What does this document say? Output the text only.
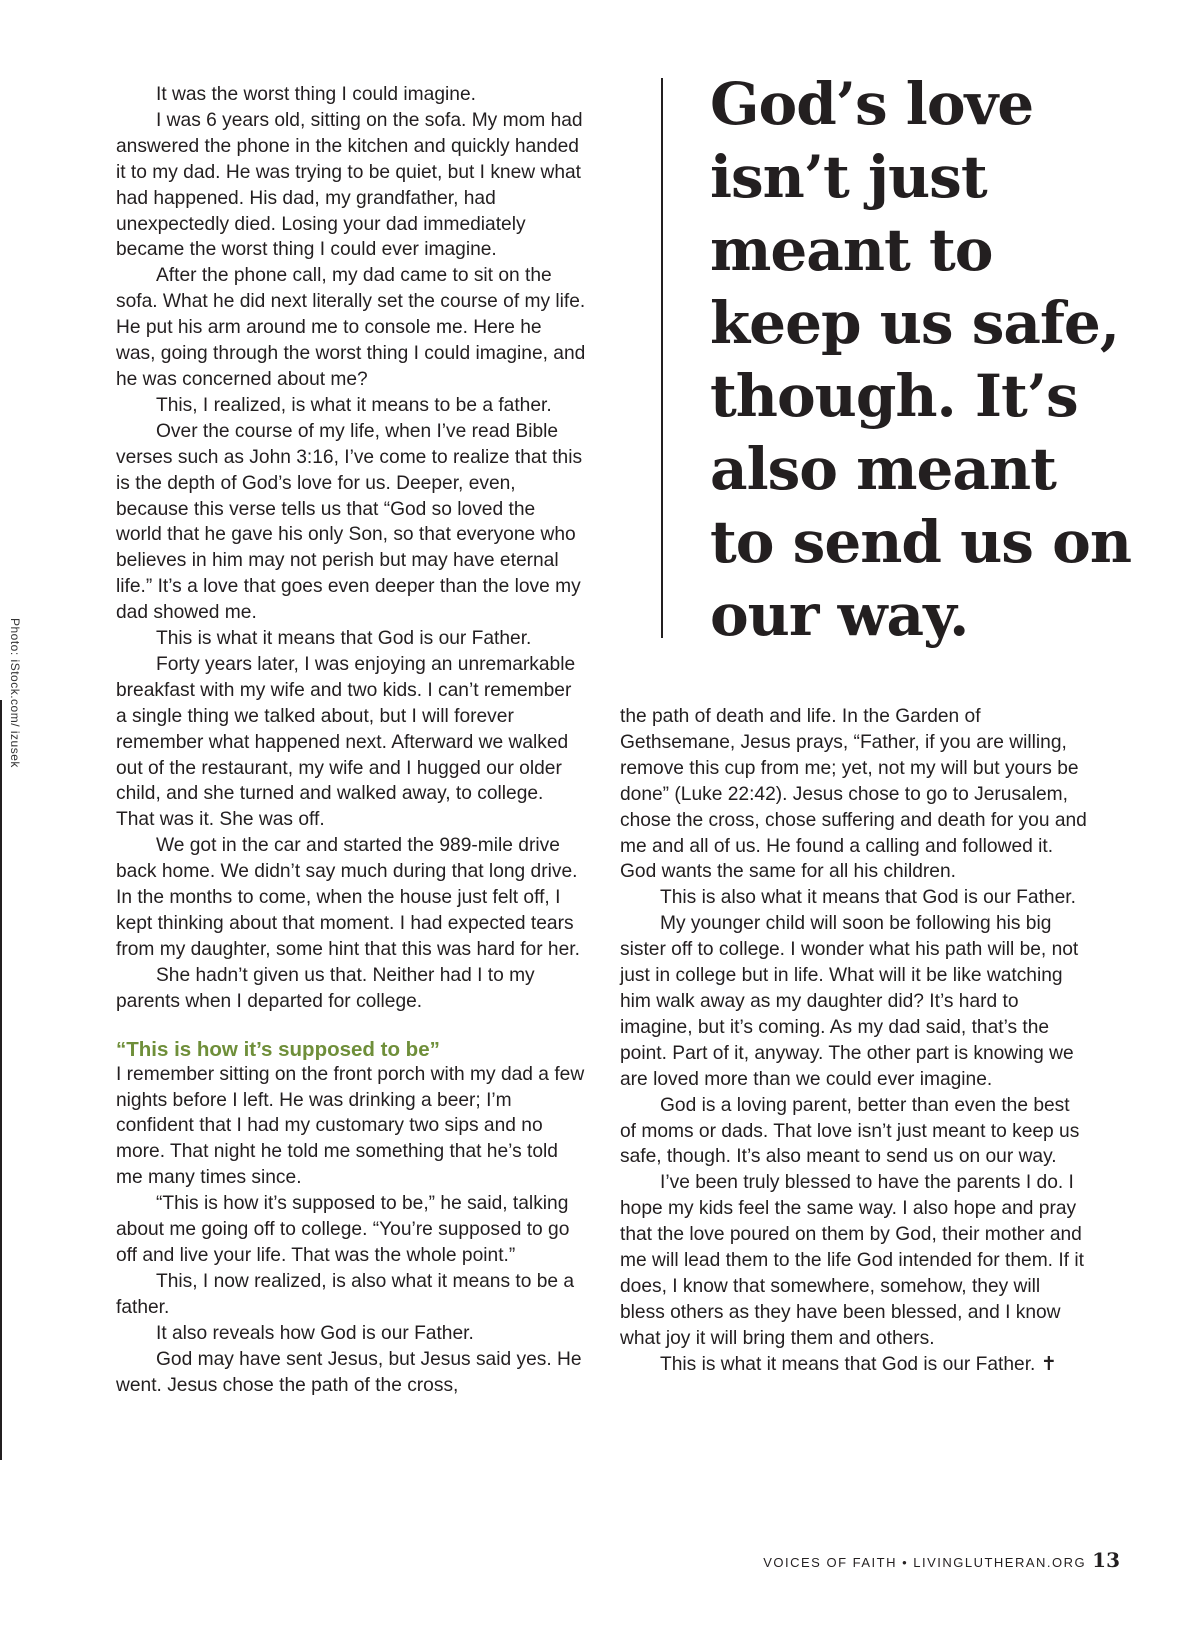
Photo: iStock.com/ izusek

It was the worst thing I could imagine.

I was 6 years old, sitting on the sofa. My mom had answered the phone in the kitchen and quickly handed it to my dad. He was trying to be quiet, but I knew what had happened. His dad, my grandfather, had unexpectedly died. Losing your dad immediately became the worst thing I could ever imagine.

After the phone call, my dad came to sit on the sofa. What he did next literally set the course of my life. He put his arm around me to console me. Here he was, going through the worst thing I could imagine, and he was concerned about me?

This, I realized, is what it means to be a father.

Over the course of my life, when I’ve read Bible verses such as John 3:16, I’ve come to realize that this is the depth of God’s love for us. Deeper, even, because this verse tells us that “God so loved the world that he gave his only Son, so that everyone who believes in him may not perish but may have eternal life.” It’s a love that goes even deeper than the love my dad showed me.

This is what it means that God is our Father.

Forty years later, I was enjoying an unremarkable breakfast with my wife and two kids. I can’t remember a single thing we talked about, but I will forever remember what happened next. Afterward we walked out of the restaurant, my wife and I hugged our older child, and she turned and walked away, to college. That was it. She was off.

We got in the car and started the 989-mile drive back home. We didn’t say much during that long drive. In the months to come, when the house just felt off, I kept thinking about that moment. I had expected tears from my daughter, some hint that this was hard for her.

She hadn’t given us that. Neither had I to my parents when I departed for college.

“This is how it’s supposed to be”

I remember sitting on the front porch with my dad a few nights before I left. He was drinking a beer; I’m confident that I had my customary two sips and no more. That night he told me something that he’s told me many times since.

“This is how it’s supposed to be,” he said, talking about me going off to college. “You’re supposed to go off and live your life. That was the whole point.”

This, I now realized, is also what it means to be a father.

It also reveals how God is our Father.

God may have sent Jesus, but Jesus said yes. He went. Jesus chose the path of the cross,

God’s love
isn’t just
meant to
keep us safe,
though. It’s
also meant
to send us on
our way.

the path of death and life. In the Garden of Gethsemane, Jesus prays, “Father, if you are willing, remove this cup from me; yet, not my will but yours be done” (Luke 22:42). Jesus chose to go to Jerusalem, chose the cross, chose suffering and death for you and me and all of us. He found a calling and followed it. God wants the same for all his children.

This is also what it means that God is our Father.

My younger child will soon be following his big sister off to college. I wonder what his path will be, not just in college but in life. What will it be like watching him walk away as my daughter did? It’s hard to imagine, but it’s coming. As my dad said, that’s the point. Part of it, anyway. The other part is knowing we are loved more than we could ever imagine.

God is a loving parent, better than even the best of moms or dads. That love isn’t just meant to keep us safe, though. It’s also meant to send us on our way.

I’ve been truly blessed to have the parents I do. I hope my kids feel the same way. I also hope and pray that the love poured on them by God, their mother and me will lead them to the life God intended for them. If it does, I know that somewhere, somehow, they will bless others as they have been blessed, and I know what joy it will bring them and others.

This is what it means that God is our Father. ✝

VOICES OF FAITH • LIVINGLUTHERAN.ORG 13
